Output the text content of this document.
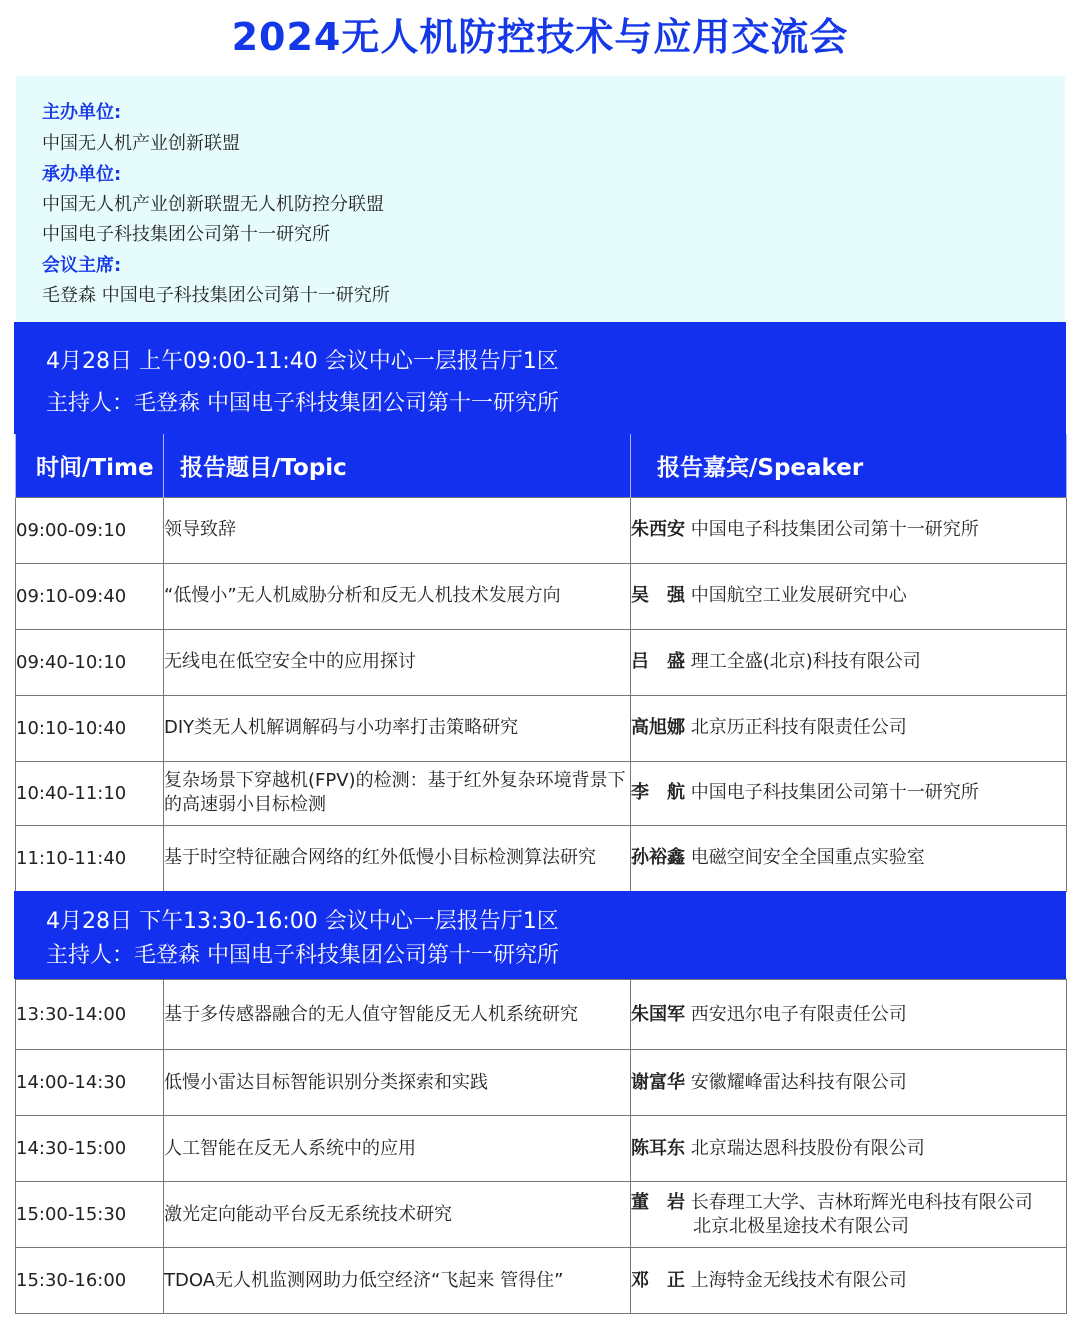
2024无人机防控技术与应用交流会
主办单位:
中国无人机产业创新联盟
承办单位:
中国无人机产业创新联盟无人机防控分联盟
中国电子科技集团公司第十一研究所
会议主席:
毛登森 中国电子科技集团公司第十一研究所
4月28日 上午09:00-11:40 会议中心一层报告厅1区
主持人：毛登森 中国电子科技集团公司第十一研究所
时间/Time	报告题目/Topic	报告嘉宾/Speaker
09:00-09:10	领导致辞	朱西安 中国电子科技集团公司第十一研究所
09:10-09:40	“低慢小”无人机威胁分析和反无人机技术发展方向	吴　强 中国航空工业发展研究中心
09:40-10:10	无线电在低空安全中的应用探讨	吕　盛 理工全盛(北京)科技有限公司
10:10-10:40	DIY类无人机解调解码与小功率打击策略研究	高旭娜 北京历正科技有限责任公司
10:40-11:10	复杂场景下穿越机(FPV)的检测：基于红外复杂环境背景下的高速弱小目标检测	李　航 中国电子科技集团公司第十一研究所
11:10-11:40	基于时空特征融合网络的红外低慢小目标检测算法研究	孙裕鑫 电磁空间安全全国重点实验室
4月28日 下午13:30-16:00 会议中心一层报告厅1区
主持人：毛登森 中国电子科技集团公司第十一研究所
13:30-14:00	基于多传感器融合的无人值守智能反无人机系统研究	朱国军 西安迅尔电子有限责任公司
14:00-14:30	低慢小雷达目标智能识别分类探索和实践	谢富华 安徽耀峰雷达科技有限公司
14:30-15:00	人工智能在反无人系统中的应用	陈耳东 北京瑞达恩科技股份有限公司
15:00-15:30	激光定向能动平台反无系统技术研究	董　岩 长春理工大学、吉林珩辉光电科技有限公司
北京北极星途技术有限公司

15:30-16:00	TDOA无人机监测网助力低空经济“飞起来 管得住”	邓　正 上海特金无线技术有限公司
